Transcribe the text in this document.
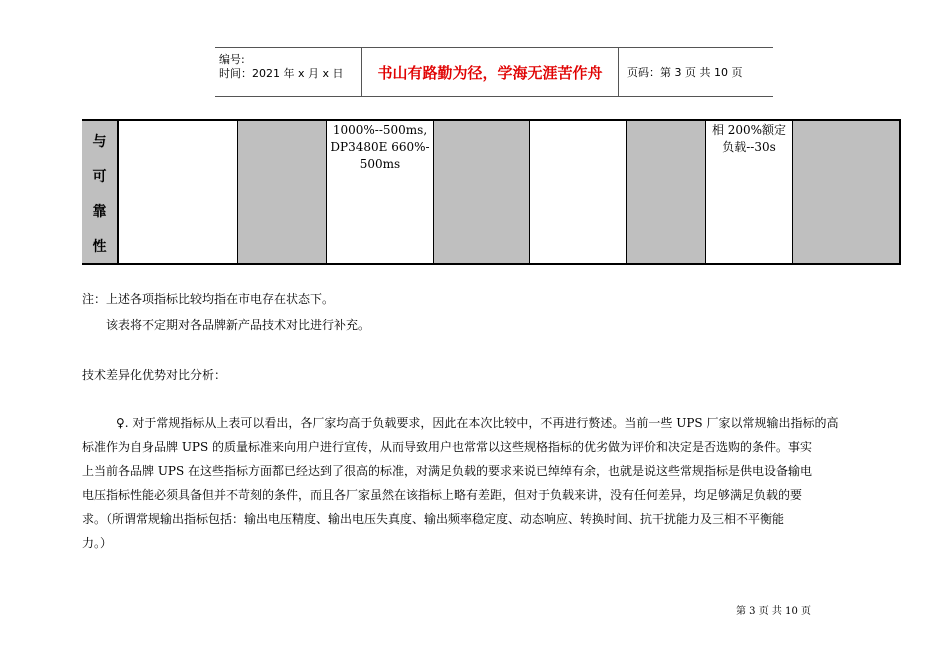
编号:
时间：2021 年 x 月 x 日	书山有路勤为径，学海无涯苦作舟	页码：第 3 页 共 10 页
与
可
靠
性
1000%--500ms,
DP3480E 660%-
500ms
相 200%额定
负载--30s
注：上述各项指标比较均指在市电存在状态下。
该表将不定期对各品牌新产品技术对比进行补充。
技术差异化优势对比分析：
♀. 对于常规指标从上表可以看出，各厂家均高于负载要求，因此在本次比较中，不再进行赘述。当前一些 UPS 厂家以常规输出指标的高
标准作为自身品牌 UPS 的质量标准来向用户进行宣传，从而导致用户也常常以这些规格指标的优劣做为评价和决定是否选购的条件。事实
上当前各品牌 UPS 在这些指标方面都已经达到了很高的标准，对满足负载的要求来说已绰绰有余，也就是说这些常规指标是供电设备输电
电压指标性能必须具备但并不苛刻的条件，而且各厂家虽然在该指标上略有差距，但对于负载来讲，没有任何差异，均足够满足负载的要
求。（所谓常规输出指标包括：输出电压精度、输出电压失真度、输出频率稳定度、动态响应、转换时间、抗干扰能力及三相不平衡能
力。）
第 3 页 共 10 页
